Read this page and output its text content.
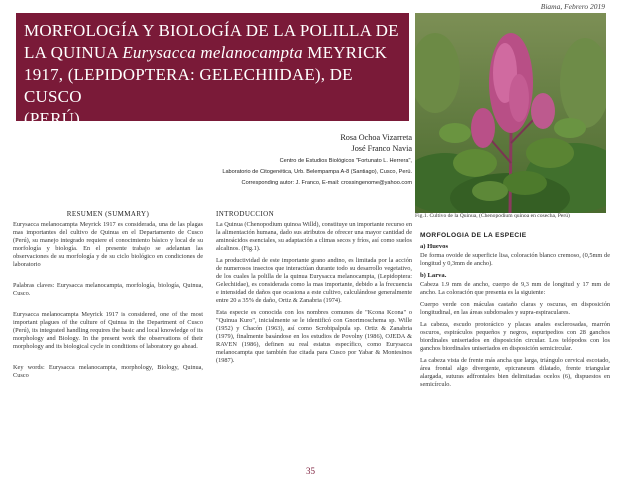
Biama, Febrero 2019
MORFOLOGÍA Y BIOLOGÍA DE LA POLILLA DE
LA QUINUA Eurysacca melanocampta MEYRICK
1917, (LEPIDOPTERA: GELECHIIDAE), DE CUSCO
(PERÚ)
Fig.1. Cultivo de la Quinua, (Chenopodium quinoa en cosecha, Perú)
Rosa Ochoa Vizarreta
José Franco Navia
Centro de Estudios Biológicos "Fortunato L. Herrera",
Laboratorio de Citogenética, Urb. Belempampa A-8 (Santiago), Cusco, Perú.
Corresponding autor: J. Franco, E-mail: crossingenome@yahoo.com
RESUMEN (SUMMARY)

Eurysacca melanocampta Meyrick 1917 es considerada, una de las plagas mas importantes del cultivo de Quinua en el Departamento de Cusco (Perú), su manejo integrado requiere el conocimiento básico y local de su morfología y biología. En el presente trabajo se adelantan las observaciones de su morfología y de su ciclo biológico en condiciones de laboratorio

Palabras claves: Eurysacca melanocampta, morfología, biología, Quinua, Cusco.

Eurysacca melanocampta Meyrick 1917 is considered, one of the most important plagues of the culture of Quinua in the Department of Cusco (Perú), its integrated handling requires the basic and local knowledge of its morphology and Biology. In the present work the observations of their morphology and its biological cycle in conditions of laboratory go ahead.

Key words: Eurysacca melanocampta, morphology, Biology, Quinua, Cusco

INTRODUCCION

La Quinua (Chenopodium quinoa Willd), constituye un importante recurso en la alimentación humana, dado sus atributos de ofrecer una mayor cantidad de aminoácidos esenciales, su adaptación a climas secos y fríos, así como suelos alcalinos. (Fig.1).

La productividad de este importante grano andino, es limitada por la acción de numerosos insectos que interactúan durante todo su desarrollo vegetativo, de los cuales la polilla de la quinua Eurysacca melanocampta, (Lepidoptera: Gelechiidae), es considerada como la mas importante, debido a la frecuencia e intensidad de daños que ocasiona a este cultivo, calculándose generalmente entre 20 a 35% de daño, Ortiz & Zanabria (1974).

Esta especie es conocida con los nombres comunes de "Kcona Kcona" o "Quinua Kuro", inicialmente se le identificó con Gnorimoschema sp. Wille (1952) y Chacón (1963), así como Scrobipalpula sp. Ortiz & Zanabria (1979), finalmente basándose en los estudios de Povolny (1986), OJEDA & RAVEN (1986), definen su real estatus específico, como Eurysacca melanocampta que también fue citada para Cusco por Yabar & Montesinos (1987).

MORFOLOGIA DE LA ESPECIE
a) Huevos

De forma ovoide de superficie lisa, coloración blanco cremoso, (0,5mm de longitud y 0,3mm de ancho).

b) Larva.

Cabeza 1.9 mm de ancho, cuerpo de 9,3 mm de longitud y 17 mm de ancho. La coloración que presenta es la siguiente:

Cuerpo verde con máculas castaño claras y oscuras, en disposición longitudinal, en las áreas subdorsales y supra-espiraculares.

La cabeza, escudo protorácico y placas anales esclerosadas, marrón oscuros, espiráculos pequeños y negros, espuripedios con 28 ganchos biordinales uniseriados en disposición circular. Los telópodos con los ganchos biordinales uniseriados en disposición semicircular.

La cabeza vista de frente más ancha que larga, triángulo cervical escotado, área frontal algo divergente, epicraneum dilatado, frente triangular alargada, suturas adfrontales bien delimitadas ocelos (6), dispuestos en semicírculo.

35
